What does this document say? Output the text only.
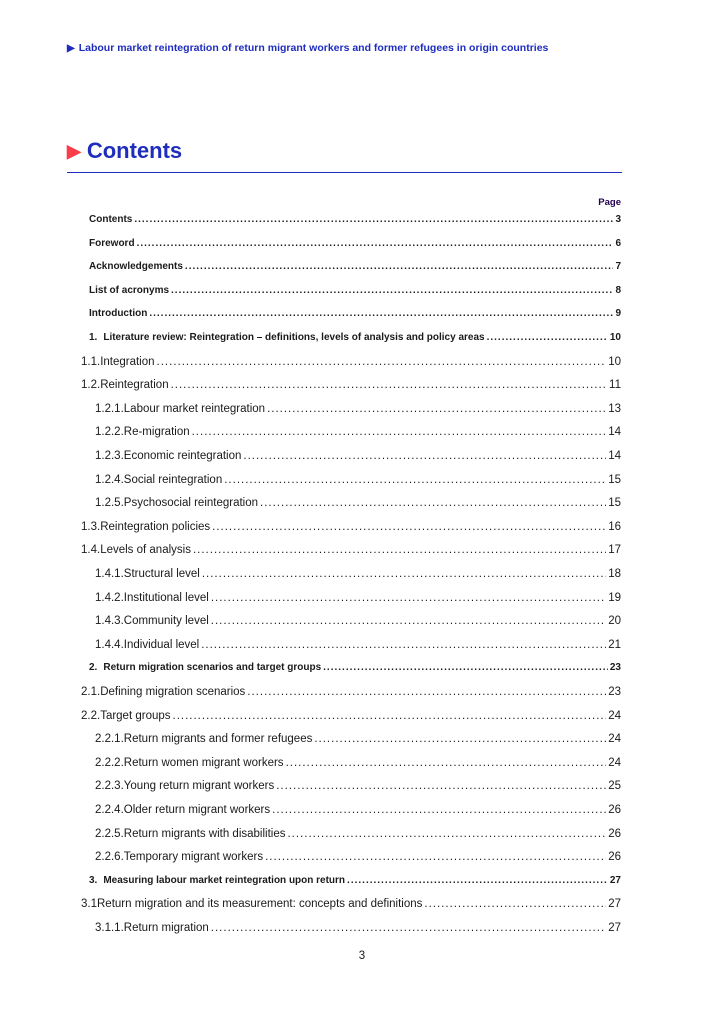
▶ Labour market reintegration of return migrant workers and former refugees in origin countries
▶ Contents
Page
Contents .....	3
Foreword .....	6
Acknowledgements .....	7
List of acronyms .....	8
Introduction .....	9
1. Literature review: Reintegration – definitions, levels of analysis and policy areas .....	10
1.1. Integration .....	10
1.2. Reintegration .....	11
1.2.1. Labour market reintegration .....	13
1.2.2. Re-migration .....	14
1.2.3. Economic reintegration .....	14
1.2.4. Social reintegration .....	15
1.2.5. Psychosocial reintegration .....	15
1.3. Reintegration policies .....	16
1.4. Levels of analysis .....	17
1.4.1. Structural level .....	18
1.4.2. Institutional level .....	19
1.4.3. Community level .....	20
1.4.4. Individual level .....	21
2. Return migration scenarios and target groups .....	23
2.1. Defining migration scenarios .....	23
2.2. Target groups .....	24
2.2.1. Return migrants and former refugees .....	24
2.2.2. Return women migrant workers .....	24
2.2.3. Young return migrant workers .....	25
2.2.4. Older return migrant workers .....	26
2.2.5. Return migrants with disabilities .....	26
2.2.6. Temporary migrant workers .....	26
3. Measuring labour market reintegration upon return .....	27
3.1 Return migration and its measurement: concepts and definitions .....	27
3.1.1. Return migration .....	27
3
